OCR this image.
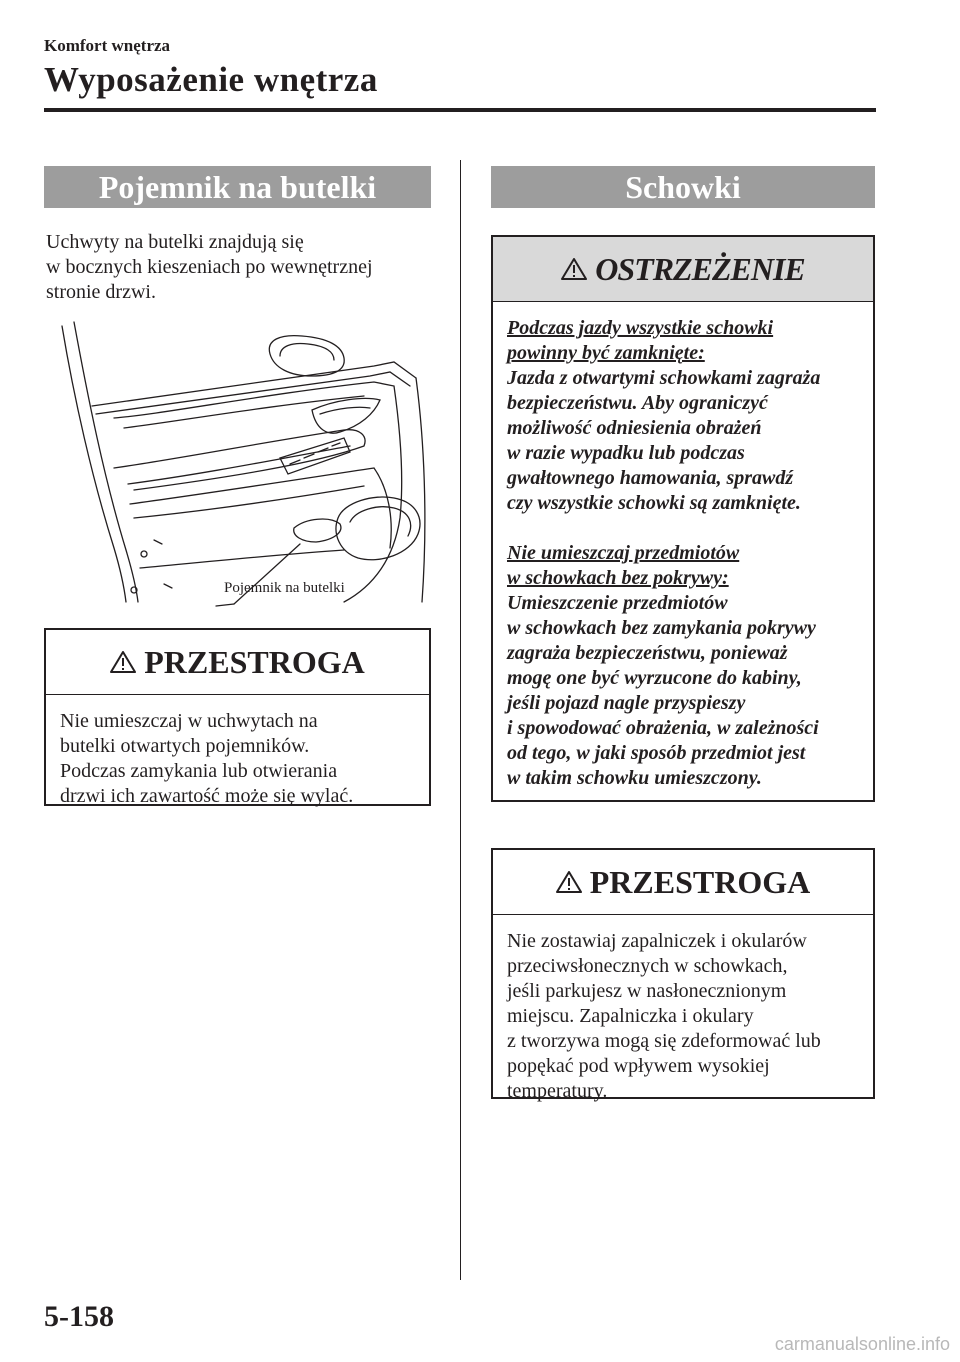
Komfort wnętrza
Wyposażenie wnętrza
Pojemnik na butelki
Uchwyty na butelki znajdują się
w bocznych kieszeniach po wewnętrznej
stronie drzwi.
Pojemnik na butelki
PRZESTROGA
Nie umieszczaj w uchwytach na
butelki otwartych pojemników.
Podczas zamykania lub otwierania
drzwi ich zawartość może się wylać.
Schowki
OSTRZEŻENIE
Podczas jazdy wszystkie schowki
powinny być zamknięte:
Jazda z otwartymi schowkami zagraża
bezpieczeństwu. Aby ograniczyć
możliwość odniesienia obrażeń
w razie wypadku lub podczas
gwałtownego hamowania, sprawdź
czy wszystkie schowki są zamknięte.
Nie umieszczaj przedmiotów
w schowkach bez pokrywy:
Umieszczenie przedmiotów
w schowkach bez zamykania pokrywy
zagraża bezpieczeństwu, ponieważ
mogę one być wyrzucone do kabiny,
jeśli pojazd nagle przyspieszy
i spowodować obrażenia, w zależności
od tego, w jaki sposób przedmiot jest
w takim schowku umieszczony.
PRZESTROGA
Nie zostawiaj zapalniczek i okularów
przeciwsłonecznych w schowkach,
jeśli parkujesz w nasłonecznionym
miejscu. Zapalniczka i okulary
z tworzywa mogą się zdeformować lub
popękać pod wpływem wysokiej
temperatury.
5-158
carmanualsonline.info
